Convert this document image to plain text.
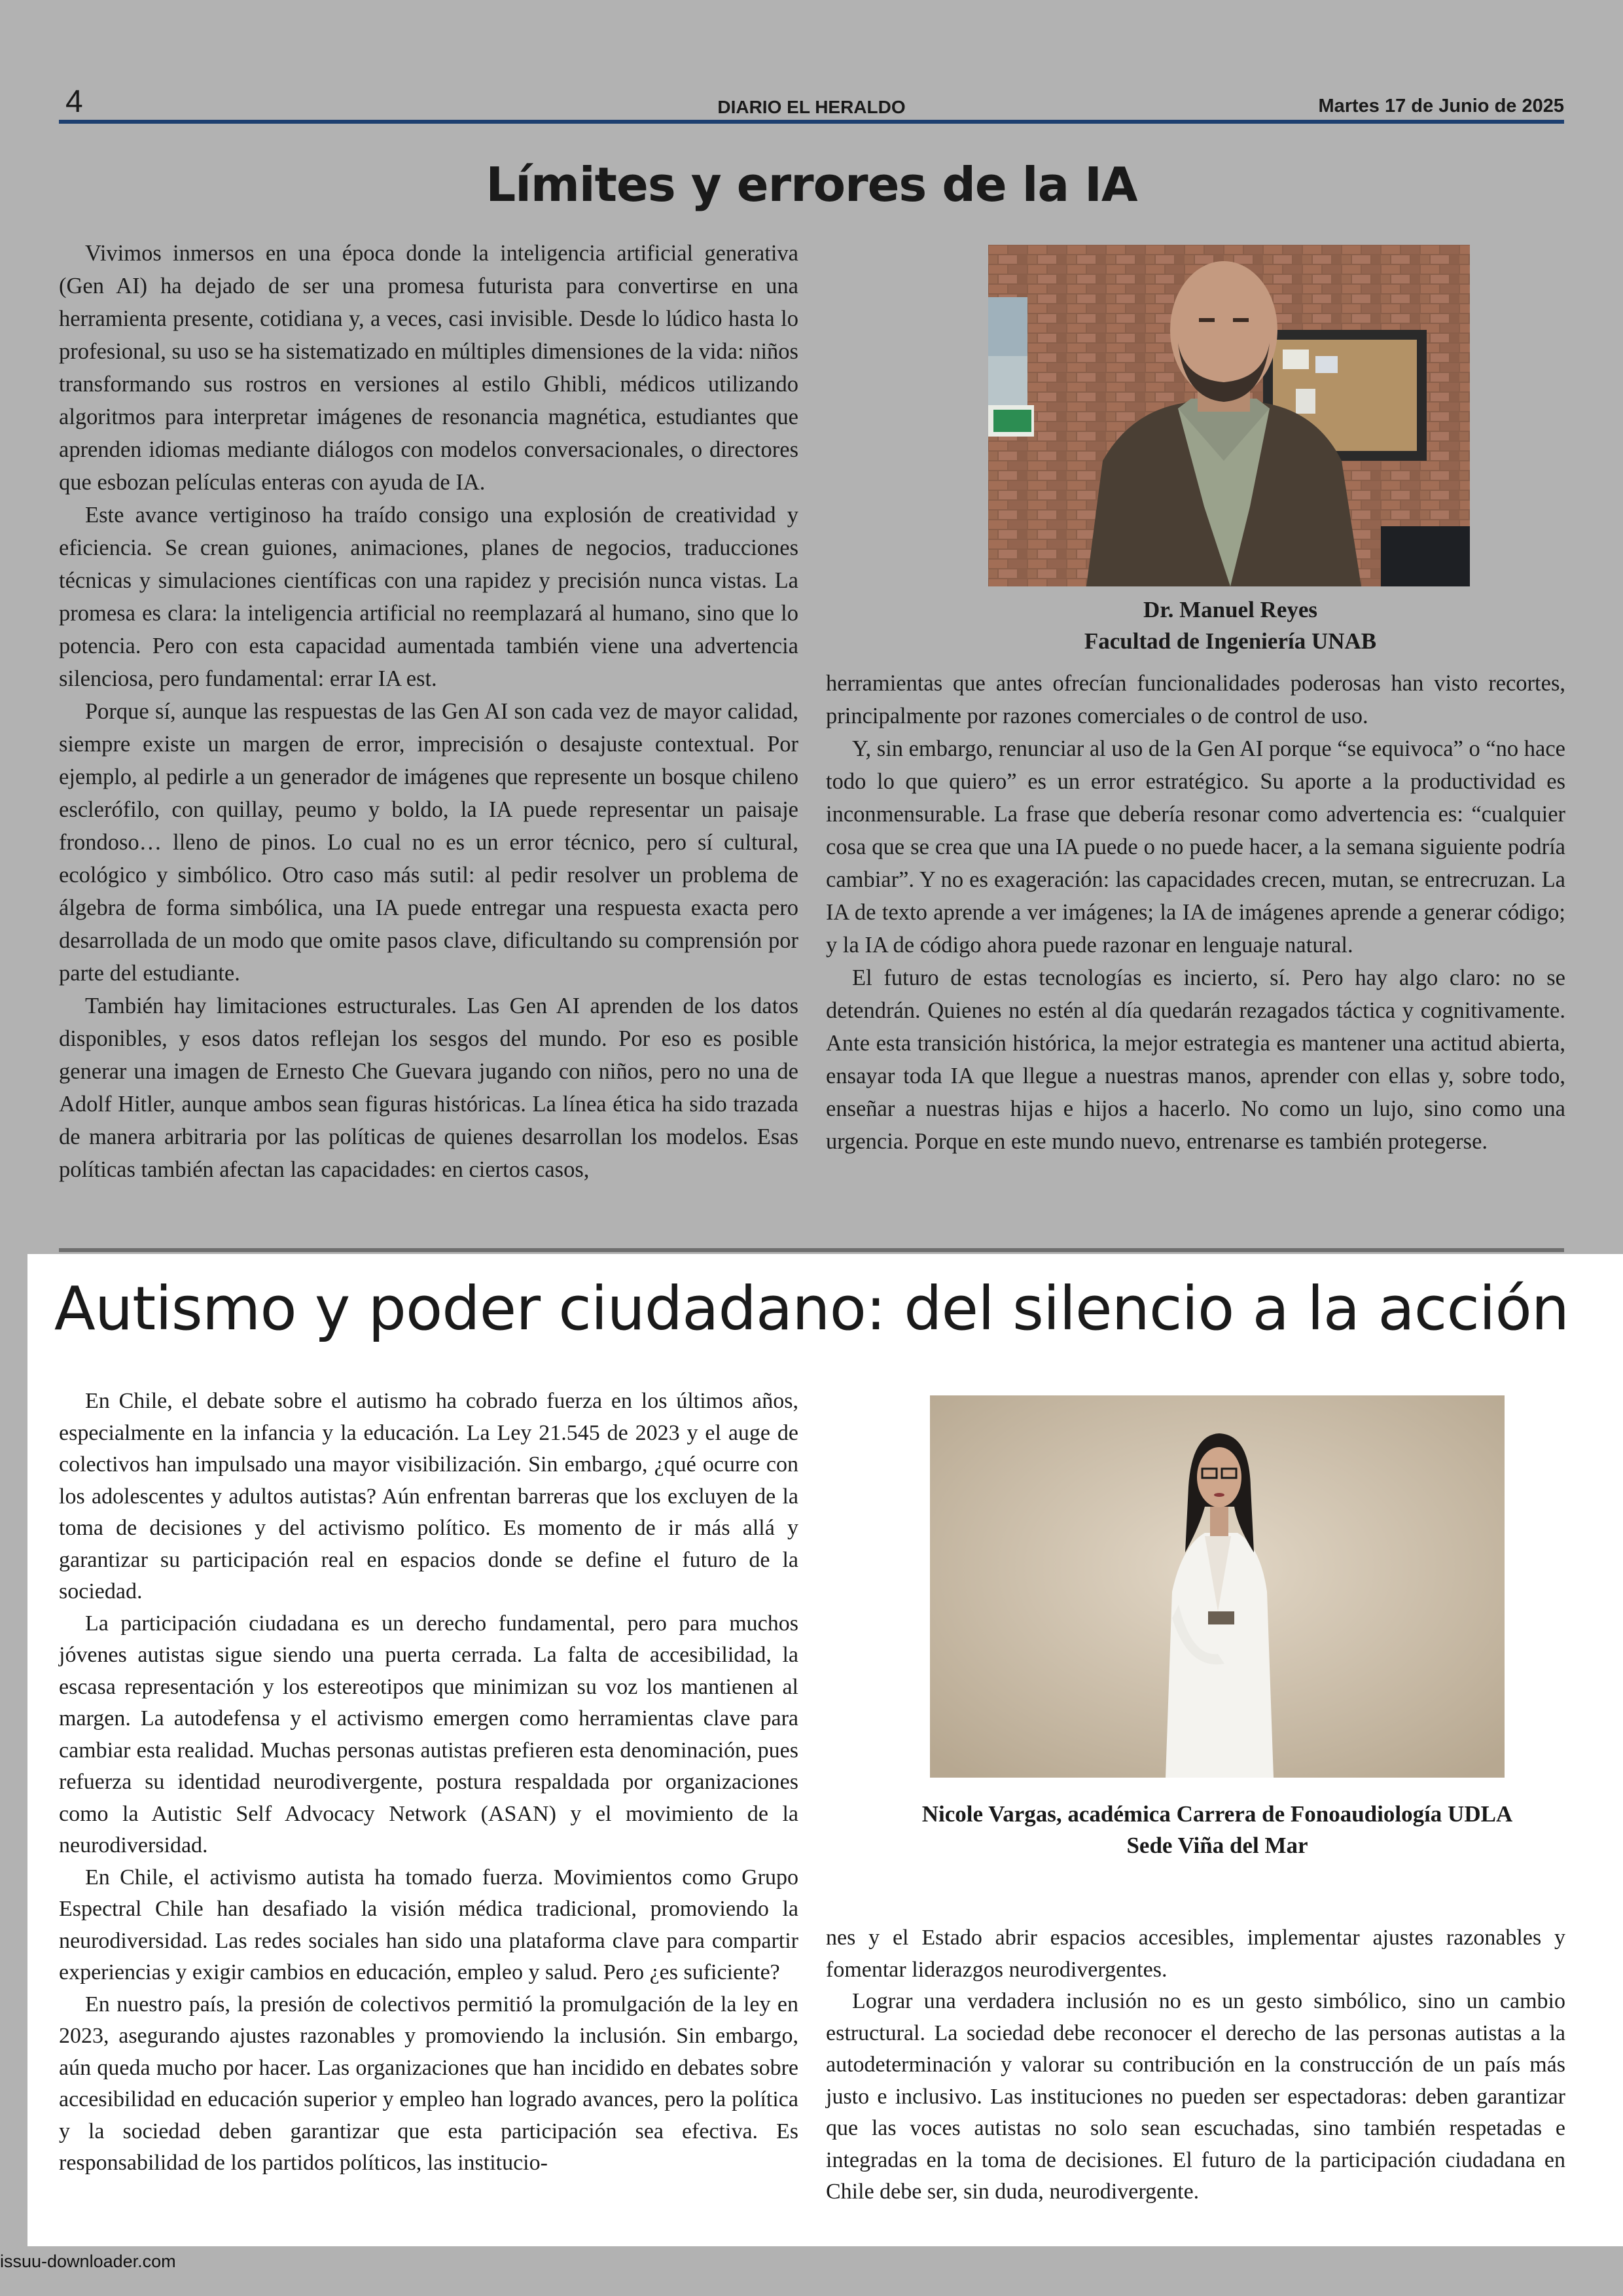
4	DIARIO EL HERALDO	Martes 17 de Junio de 2025
Límites y errores de la IA

Vivimos inmersos en una época donde la inteligencia artificial generativa (Gen AI) ha dejado de ser una promesa futurista para convertirse en una herramienta presente, cotidiana y, a veces, casi invisible. Desde lo lúdico hasta lo profesional, su uso se ha sistematizado en múltiples dimensiones de la vida: niños transformando sus rostros en versiones al estilo Ghibli, médicos utilizando algoritmos para interpretar imágenes de resonancia magnética, estudiantes que aprenden idiomas mediante diálogos con modelos conversacionales, o directores que esbozan películas enteras con ayuda de IA.

Este avance vertiginoso ha traído consigo una explosión de creatividad y eficiencia. Se crean guiones, animaciones, planes de negocios, traducciones técnicas y simulaciones científicas con una rapidez y precisión nunca vistas. La promesa es clara: la inteligencia artificial no reemplazará al humano, sino que lo potencia. Pero con esta capacidad aumentada también viene una advertencia silenciosa, pero fundamental: errar IA est.

Porque sí, aunque las respuestas de las Gen AI son cada vez de mayor calidad, siempre existe un margen de error, imprecisión o desajuste contextual. Por ejemplo, al pedirle a un generador de imágenes que represente un bosque chileno esclerófilo, con quillay, peumo y boldo, la IA puede representar un paisaje frondoso… lleno de pinos. Lo cual no es un error técnico, pero sí cultural, ecológico y simbólico. Otro caso más sutil: al pedir resolver un problema de álgebra de forma simbólica, una IA puede entregar una respuesta exacta pero desarrollada de un modo que omite pasos clave, dificultando su comprensión por parte del estudiante.

También hay limitaciones estructurales. Las Gen AI aprenden de los datos disponibles, y esos datos reflejan los sesgos del mundo. Por eso es posible generar una imagen de Ernesto Che Guevara jugando con niños, pero no una de Adolf Hitler, aunque ambos sean figuras históricas. La línea ética ha sido trazada de manera arbitraria por las políticas de quienes desarrollan los modelos. Esas políticas también afectan las capacidades: en ciertos casos,

Dr. Manuel Reyes
Facultad de Ingeniería UNAB

herramientas que antes ofrecían funcionalidades poderosas han visto recortes, principalmente por razones comerciales o de control de uso.

Y, sin embargo, renunciar al uso de la Gen AI porque “se equivoca” o “no hace todo lo que quiero” es un error estratégico. Su aporte a la productividad es inconmensurable. La frase que debería resonar como advertencia es: “cualquier cosa que se crea que una IA puede o no puede hacer, a la semana siguiente podría cambiar”. Y no es exageración: las capacidades crecen, mutan, se entrecruzan. La IA de texto aprende a ver imágenes; la IA de imágenes aprende a generar código; y la IA de código ahora puede razonar en lenguaje natural.

El futuro de estas tecnologías es incierto, sí. Pero hay algo claro: no se detendrán. Quienes no estén al día quedarán rezagados táctica y cognitivamente. Ante esta transición histórica, la mejor estrategia es mantener una actitud abierta, ensayar toda IA que llegue a nuestras manos, aprender con ellas y, sobre todo, enseñar a nuestras hijas e hijos a hacerlo. No como un lujo, sino como una urgencia. Porque en este mundo nuevo, entrenarse es también protegerse.

Autismo y poder ciudadano: del silencio a la acción

En Chile, el debate sobre el autismo ha cobrado fuerza en los últimos años, especialmente en la infancia y la educación. La Ley 21.545 de 2023 y el auge de colectivos han impulsado una mayor visibilización. Sin embargo, ¿qué ocurre con los adolescentes y adultos autistas? Aún enfrentan barreras que los excluyen de la toma de decisiones y del activismo político. Es momento de ir más allá y garantizar su participación real en espacios donde se define el futuro de la sociedad.

La participación ciudadana es un derecho fundamental, pero para muchos jóvenes autistas sigue siendo una puerta cerrada. La falta de accesibilidad, la escasa representación y los estereotipos que minimizan su voz los mantienen al margen. La autodefensa y el activismo emergen como herramientas clave para cambiar esta realidad. Muchas personas autistas prefieren esta denominación, pues refuerza su identidad neurodivergente, postura respaldada por organizaciones como la Autistic Self Advocacy Network (ASAN) y el movimiento de la neurodiversidad.

En Chile, el activismo autista ha tomado fuerza. Movimientos como Grupo Espectral Chile han desafiado la visión médica tradicional, promoviendo la neurodiversidad. Las redes sociales han sido una plataforma clave para compartir experiencias y exigir cambios en educación, empleo y salud. Pero ¿es suficiente?

En nuestro país, la presión de colectivos permitió la promulgación de la ley en 2023, asegurando ajustes razonables y promoviendo la inclusión. Sin embargo, aún queda mucho por hacer. Las organizaciones que han incidido en debates sobre accesibilidad en educación superior y empleo han logrado avances, pero la política y la sociedad deben garantizar que esta participación sea efectiva. Es responsabilidad de los partidos políticos, las institucio-

Nicole Vargas, académica Carrera de Fonoaudiología UDLA
Sede Viña del Mar

nes y el Estado abrir espacios accesibles, implementar ajustes razonables y fomentar liderazgos neurodivergentes.

Lograr una verdadera inclusión no es un gesto simbólico, sino un cambio estructural. La sociedad debe reconocer el derecho de las personas autistas a la autodeterminación y valorar su contribución en la construcción de un país más justo e inclusivo. Las instituciones no pueden ser espectadoras: deben garantizar que las voces autistas no solo sean escuchadas, sino también respetadas e integradas en la toma de decisiones. El futuro de la participación ciudadana en Chile debe ser, sin duda, neurodivergente.

issuu-downloader.com
